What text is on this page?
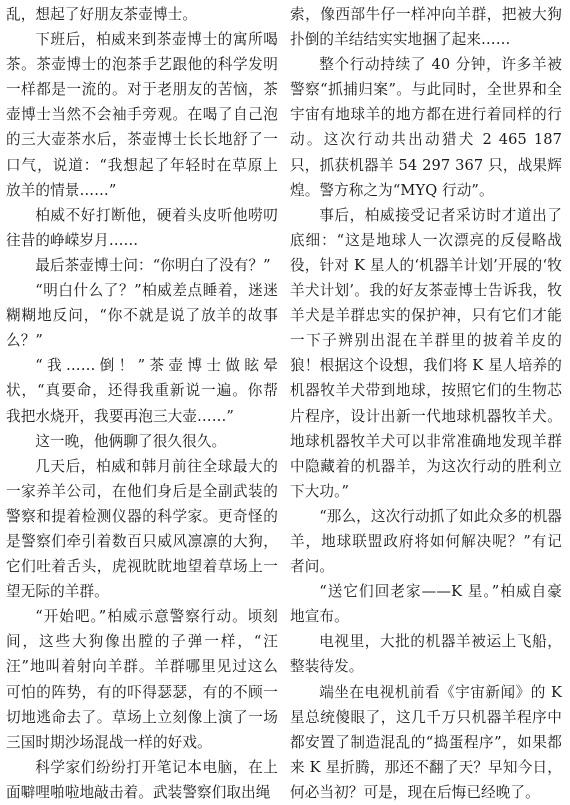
乱，想起了好朋友茶壶博士。

下班后，柏威来到茶壶博士的寓所喝茶。茶壶博士的泡茶手艺跟他的科学发明一样都是一流的。对于老朋友的苦恼，茶壶博士当然不会袖手旁观。在喝了自己泡的三大壶茶水后，茶壶博士长长地舒了一口气，说道：“我想起了年轻时在草原上放羊的情景……”

柏威不好打断他，硬着头皮听他唠叨往昔的峥嵘岁月……

最后茶壶博士问：“你明白了没有？”

“明白什么了？”柏威差点睡着，迷迷糊糊地反问，“你不就是说了放羊的故事么？”

“我……倒！”茶壶博士做眩晕状，“真要命，还得我重新说一遍。你帮我把水烧开，我要再泡三大壶……”

这一晚，他俩聊了很久很久。

几天后，柏威和韩月前往全球最大的一家养羊公司，在他们身后是全副武装的警察和提着检测仪器的科学家。更奇怪的是警察们牵引着数百只威风凛凛的大狗，它们吐着舌头，虎视眈眈地望着草场上一望无际的羊群。

“开始吧。”柏威示意警察行动。顷刻间，这些大狗像出膛的子弹一样，“汪汪”地叫着射向羊群。羊群哪里见过这么可怕的阵势，有的吓得瑟瑟，有的不顾一切地逃命去了。草场上立刻像上演了一场三国时期沙场混战一样的好戏。

科学家们纷纷打开笔记本电脑，在上面噼哩啪啦地敲击着。武装警察们取出绳

索，像西部牛仔一样冲向羊群，把被大狗扑倒的羊结结实实地捆了起来……

整个行动持续了 40 分钟，许多羊被警察“抓捕归案”。与此同时，全世界和全宇宙有地球羊的地方都在进行着同样的行动。这次行动共出动猎犬 2 465 187 只，抓获机器羊 54 297 367 只，战果辉煌。警方称之为“MYQ 行动”。

事后，柏威接受记者采访时才道出了底细：“这是地球人一次漂亮的反侵略战役，针对 K 星人的‘机器羊计划’开展的‘牧羊犬计划’。我的好友茶壶博士告诉我，牧羊犬是羊群忠实的保护神，只有它们才能一下子辨别出混在羊群里的披着羊皮的狼！根据这个设想，我们将 K 星人培养的机器牧羊犬带到地球，按照它们的生物芯片程序，设计出新一代地球机器牧羊犬。地球机器牧羊犬可以非常准确地发现羊群中隐藏着的机器羊，为这次行动的胜利立下大功。”

“那么，这次行动抓了如此众多的机器羊，地球联盟政府将如何解决呢？”有记者问。

“送它们回老家——K 星。”柏威自豪地宣布。

电视里，大批的机器羊被运上飞船，整装待发。

端坐在电视机前看《宇宙新闻》的 K 星总统傻眼了，这几千万只机器羊程序中都安置了制造混乱的“捣蛋程序”，如果都来 K 星折腾，那还不翻了天？早知今日，何必当初？可是，现在后悔已经晚了。
